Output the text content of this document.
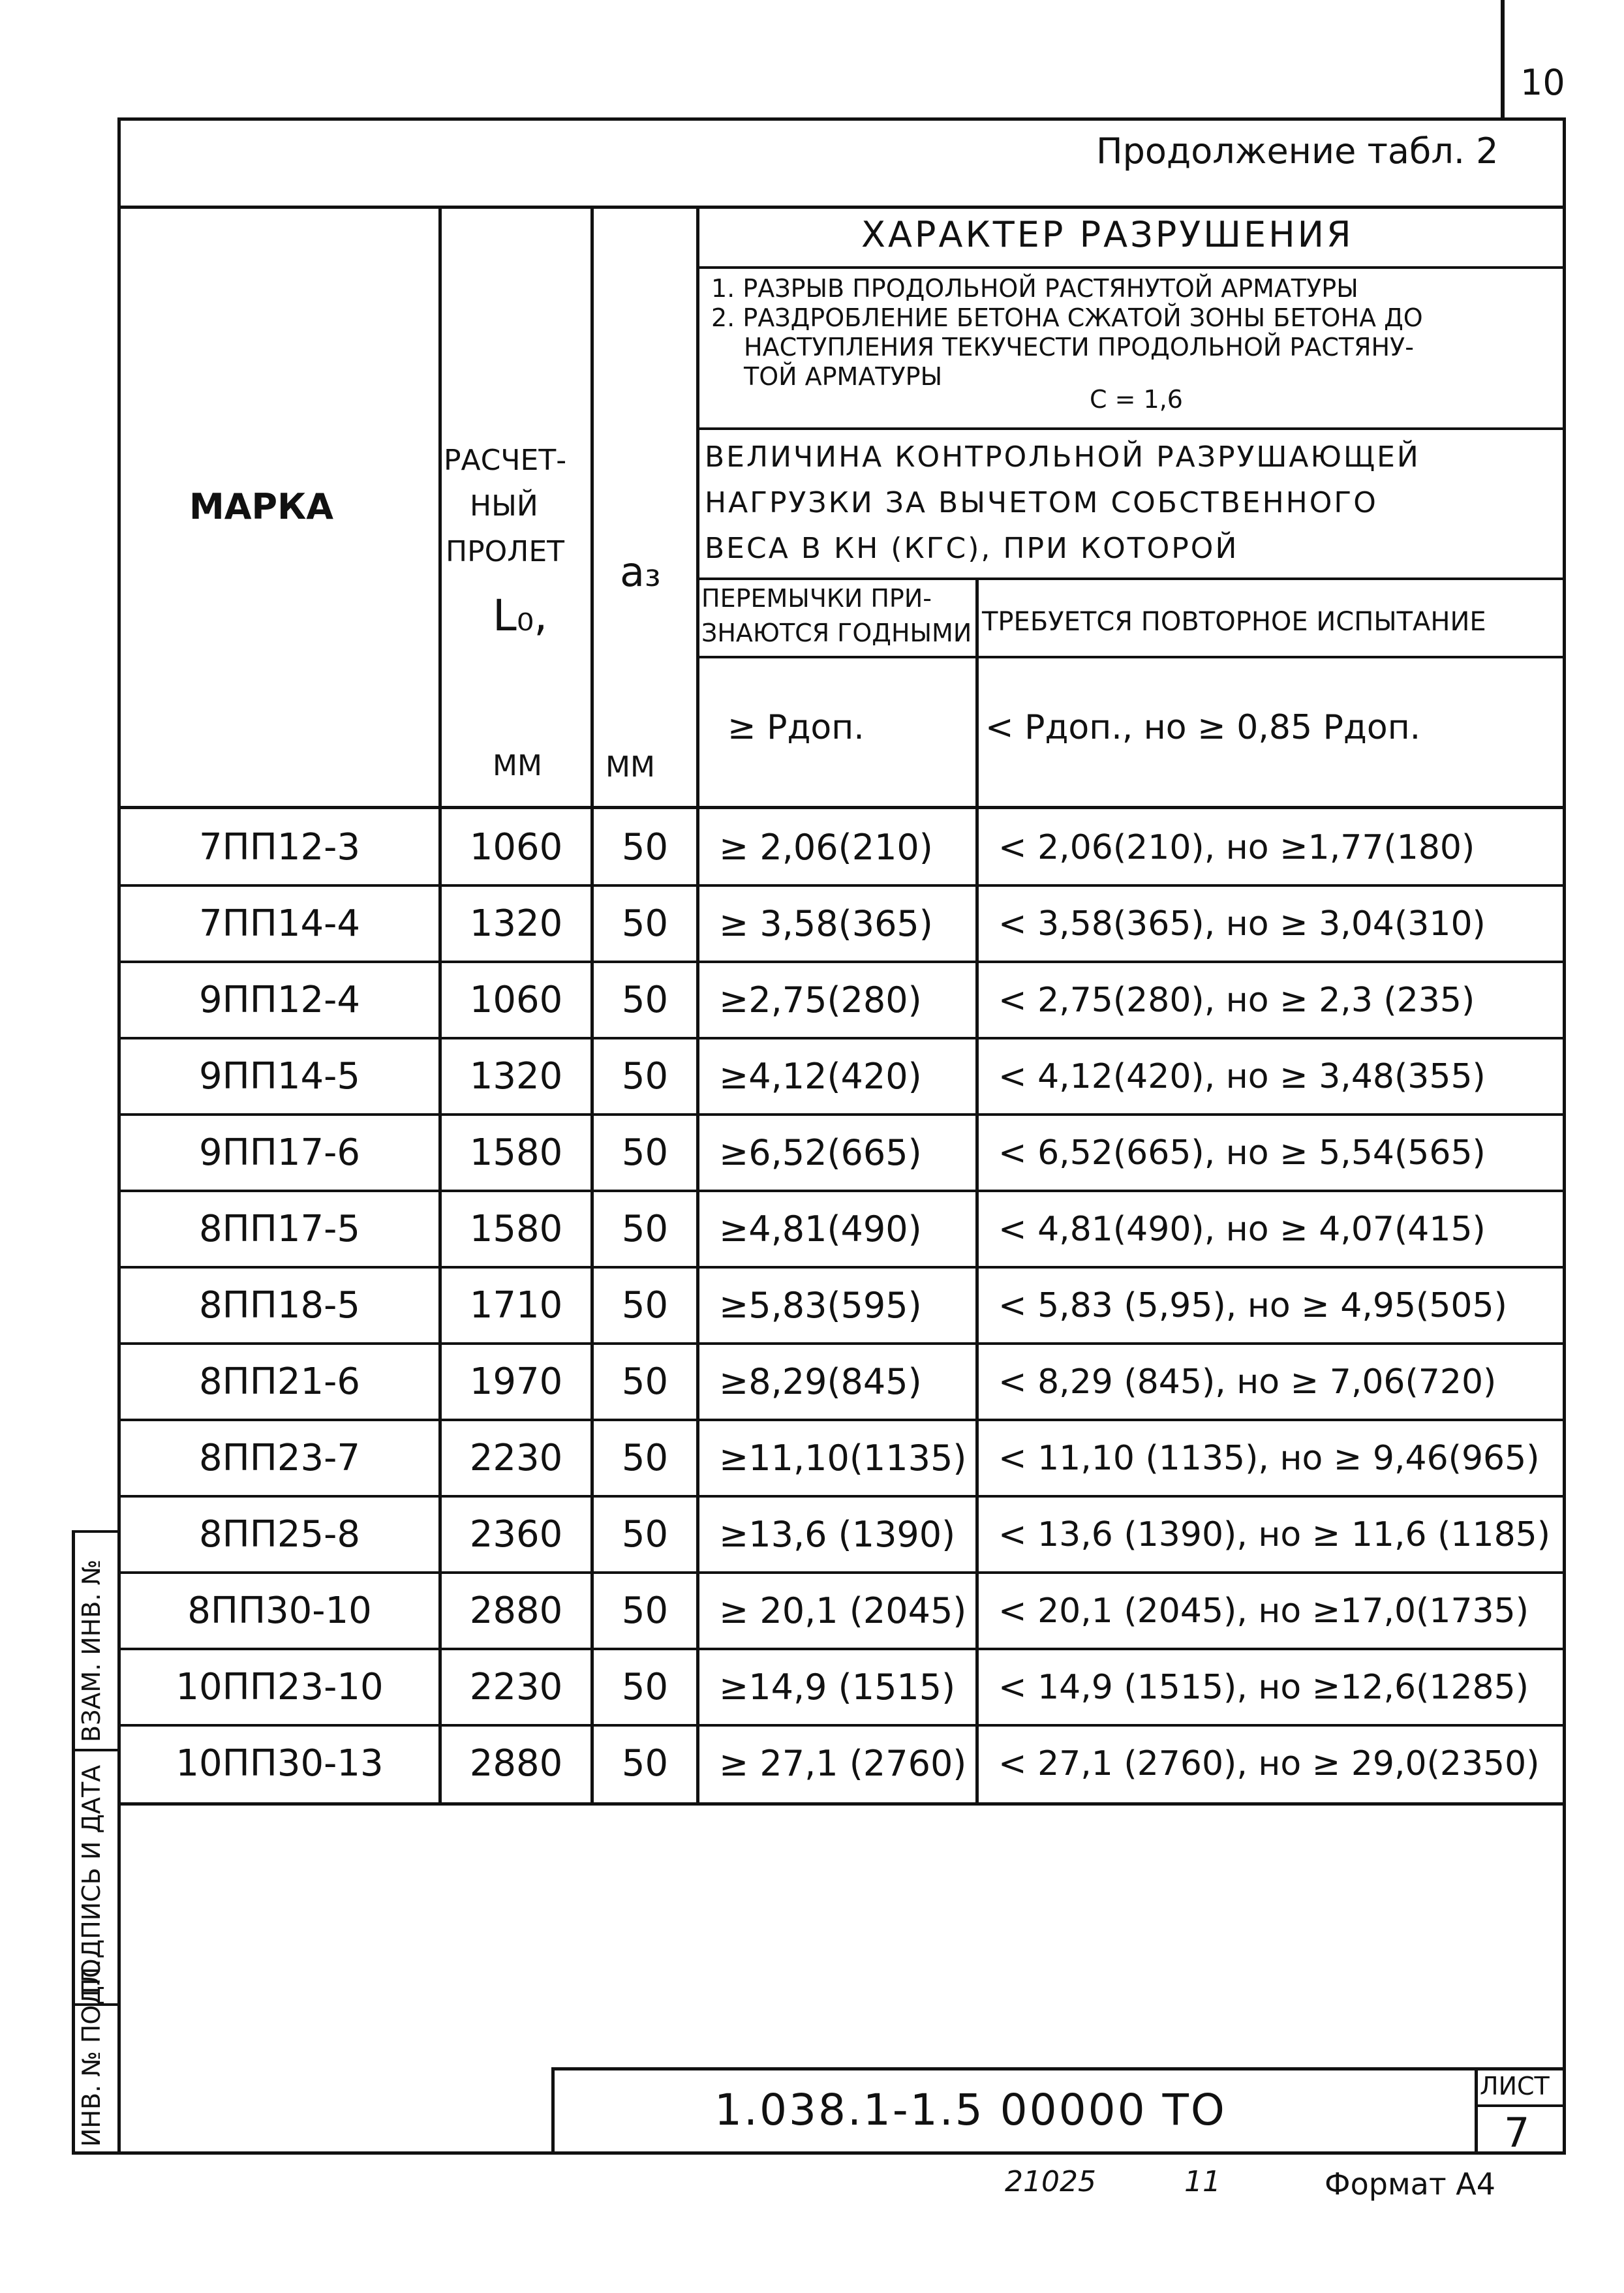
10
Продолжение табл. 2
МАРКА
РАСЧЕТ-
НЫЙ
ПРОЛЕТ
L₀,
ММ
a₃
ММ
ХАРАКТЕР РАЗРУШЕНИЯ
1. РАЗРЫВ ПРОДОЛЬНОЙ РАСТЯНУТОЙ АРМАТУРЫ
2. РАЗДРОБЛЕНИЕ БЕТОНА СЖАТОЙ ЗОНЫ БЕТОНА ДО
НАСТУПЛЕНИЯ ТЕКУЧЕСТИ ПРОДОЛЬНОЙ РАСТЯНУ-
ТОЙ АРМАТУРЫ
С = 1,6
ВЕЛИЧИНА КОНТРОЛЬНОЙ РАЗРУШАЮЩЕЙ
НАГРУЗКИ ЗА ВЫЧЕТОМ СОБСТВЕННОГО
ВЕСА В КН (КГС), ПРИ КОТОРОЙ
ПЕРЕМЫЧКИ ПРИ-
ЗНАЮТСЯ ГОДНЫМИ ТРЕБУЕТСЯ ПОВТОРНОЕ ИСПЫТАНИЕ
≥ Pдоп.	< Pдоп., но ≥ 0,85 Pдоп.
7ПП12-3	1060	50	≥ 2,06(210)	< 2,06(210), но ≥1,77(180)
7ПП14-4	1320	50	≥ 3,58(365)	< 3,58(365), но ≥ 3,04(310)
9ПП12-4	1060	50	≥2,75(280)	< 2,75(280), но ≥ 2,3 (235)
9ПП14-5	1320	50	≥4,12(420)	< 4,12(420), но ≥ 3,48(355)
9ПП17-6	1580	50	≥6,52(665)	< 6,52(665), но ≥ 5,54(565)
8ПП17-5	1580	50	≥4,81(490)	< 4,81(490), но ≥ 4,07(415)
8ПП18-5	1710	50	≥5,83(595)	< 5,83 (5,95), но ≥ 4,95(505)
8ПП21-6	1970	50	≥8,29(845)	< 8,29 (845), но ≥ 7,06(720)
8ПП23-7	2230	50	≥11,10(1135) < 11,10 (1135), но ≥ 9,46(965)
8ПП25-8	2360	50	≥13,6 (1390)	< 13,6 (1390), но ≥ 11,6 (1185)
8ПП30-10	2880	50	≥ 20,1 (2045) < 20,1 (2045), но ≥17,0(1735)
10ПП23-10	2230	50	≥14,9 (1515)	< 14,9 (1515), но ≥12,6(1285)
10ПП30-13	2880	50	≥ 27,1 (2760) < 27,1 (2760), но ≥ 29,0(2350)
ИНВ. № ПОДЛ.
ПОДПИСЬ И ДАТА
ВЗАМ. ИНВ. №
1.038.1-1.5 00000 ТО	ЛИСТ
7
21025	11	Формат А4
